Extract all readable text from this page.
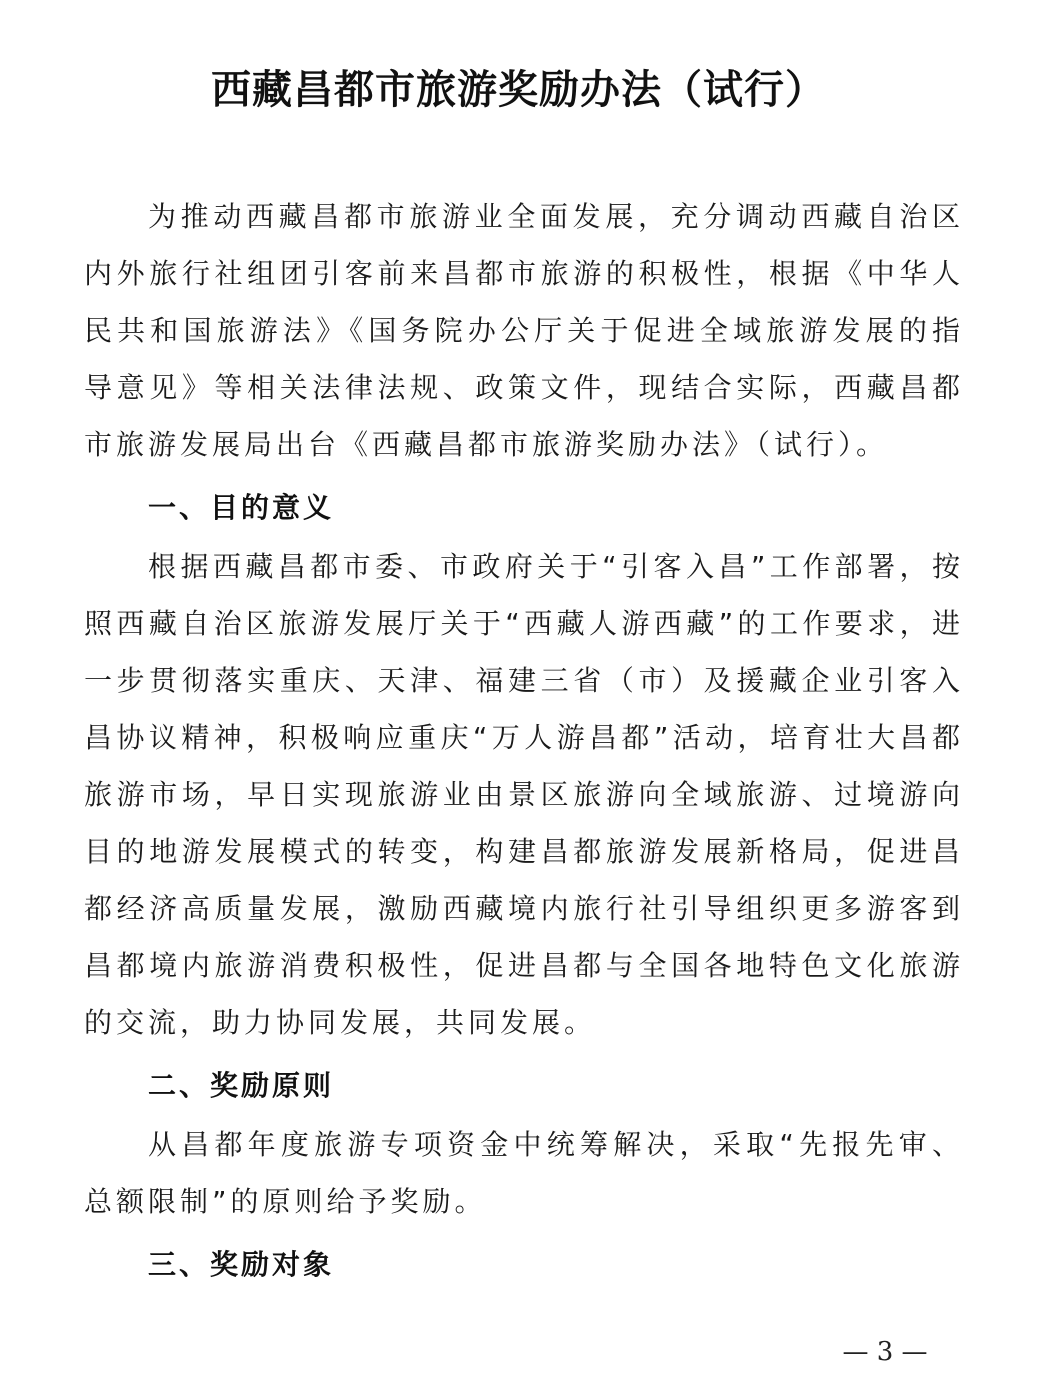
西藏昌都市旅游奖励办法（试行）

为推动西藏昌都市旅游业全面发展，充分调动西藏自治区内外旅行社组团引客前来昌都市旅游的积极性，根据《中华人民共和国旅游法》《国务院办公厅关于促进全域旅游发展的指导意见》等相关法律法规、政策文件，现结合实际，西藏昌都市旅游发展局出台《西藏昌都市旅游奖励办法》（试行）。

一、目的意义

根据西藏昌都市委、市政府关于“引客入昌”工作部署，按照西藏自治区旅游发展厅关于“西藏人游西藏”的工作要求，进一步贯彻落实重庆、天津、福建三省（市）及援藏企业引客入昌协议精神，积极响应重庆“万人游昌都”活动，培育壮大昌都旅游市场，早日实现旅游业由景区旅游向全域旅游、过境游向目的地游发展模式的转变，构建昌都旅游发展新格局，促进昌都经济高质量发展，激励西藏境内旅行社引导组织更多游客到昌都境内旅游消费积极性，促进昌都与全国各地特色文化旅游的交流，助力协同发展，共同发展。

二、奖励原则

从昌都年度旅游专项资金中统筹解决，采取“先报先审、总额限制”的原则给予奖励。

三、奖励对象
— 3 —
